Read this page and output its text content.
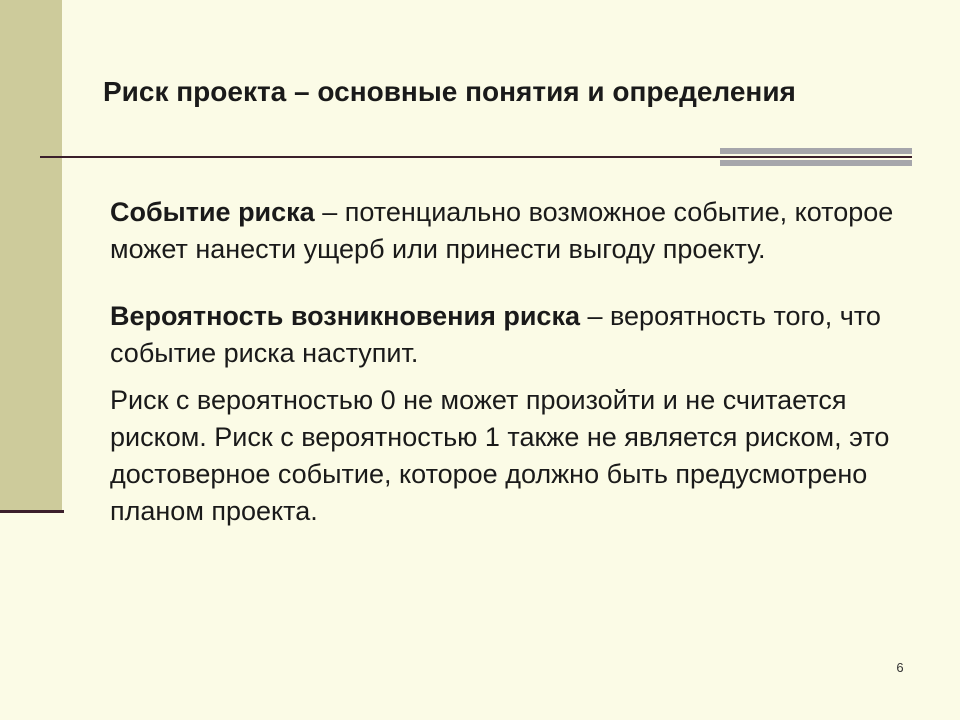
Риск проекта – основные понятия и определения

Событие риска – потенциально возможное событие, которое может нанести ущерб или принести выгоду проекту.

Вероятность возникновения риска – вероятность того, что событие риска наступит.

Риск с вероятностью 0 не может произойти и не считается риском. Риск с вероятностью 1 также не является риском, это достоверное событие, которое должно быть предусмотрено планом проекта.

6
